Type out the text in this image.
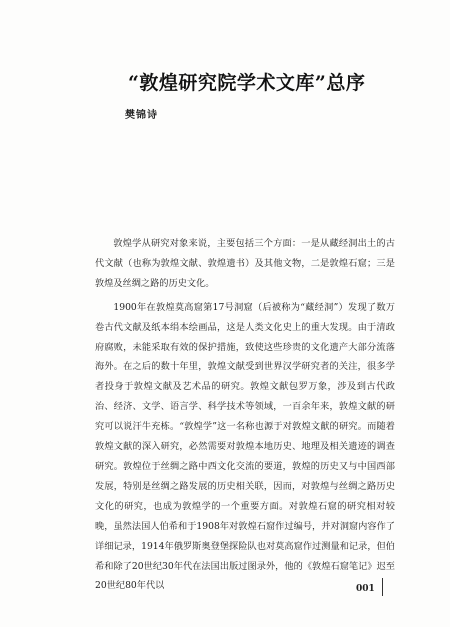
“敦煌研究院学术文库”总序
樊锦诗

敦煌学从研究对象来说，主要包括三个方面：一是从藏经洞出土的古代文献（也称为敦煌文献、敦煌遗书）及其他文物，二是敦煌石窟；三是敦煌及丝绸之路的历史文化。

1900年在敦煌莫高窟第17号洞窟（后被称为“藏经洞”）发现了数万卷古代文献及纸本绢本绘画品，这是人类文化史上的重大发现。由于清政府腐败，未能采取有效的保护措施，致使这些珍贵的文化遗产大部分流落海外。在之后的数十年里，敦煌文献受到世界汉学研究者的关注，很多学者投身于敦煌文献及艺术品的研究。敦煌文献包罗万象，涉及到古代政治、经济、文学、语言学、科学技术等领域，一百余年来，敦煌文献的研究可以说汗牛充栋。“敦煌学”这一名称也源于对敦煌文献的研究。而随着敦煌文献的深入研究，必然需要对敦煌本地历史、地理及相关遗迹的调查研究。敦煌位于丝绸之路中西文化交流的要道，敦煌的历史又与中国西部发展，特别是丝绸之路发展的历史相关联，因而，对敦煌与丝绸之路历史文化的研究，也成为敦煌学的一个重要方面。对敦煌石窟的研究相对较晚，虽然法国人伯希和于1908年对敦煌石窟作过编号，并对洞窟内容作了详细记录，1914年俄罗斯奥登堡探险队也对莫高窟作过测量和记录，但伯希和除了20世纪30年代在法国出版过图录外，他的《敦煌石窟笔记》迟至20世纪80年代以	001
